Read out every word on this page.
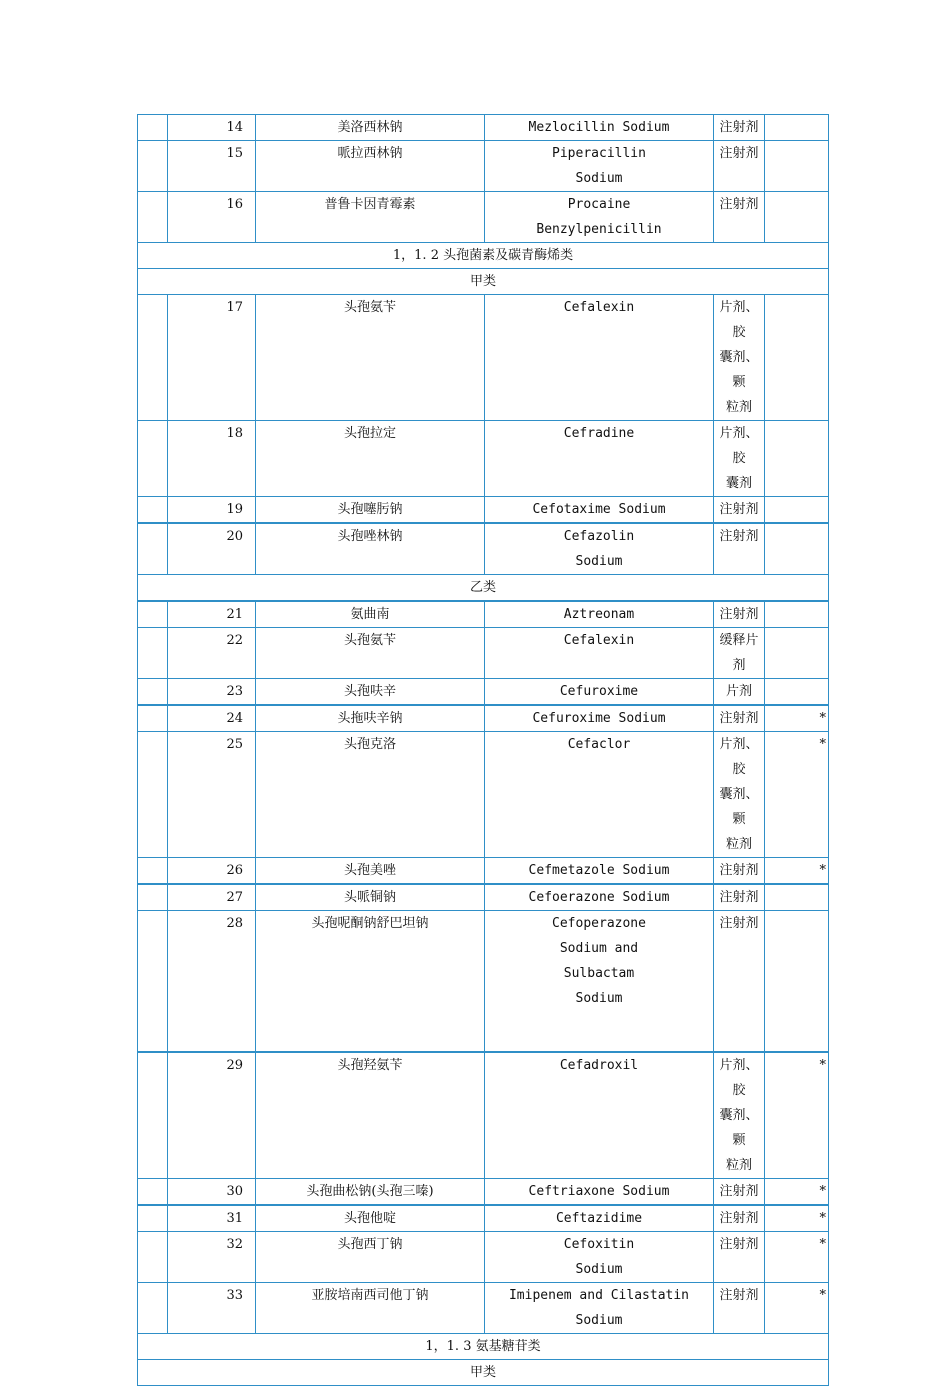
	14	美洛西林钠	Mezlocillin Sodium	注射剂	

	15	哌拉西林钠	Piperacillin
Sodium	注射剂	

	16	普鲁卡因青霉素	Procaine
Benzylpenicillin	注射剂	

1，1. 2 头孢菌素及碳青酶烯类					
甲类					
	17	头孢氨苄	Cefalexin	片剂、胶
囊剂、颗
粒剂	

	18	头孢拉定	Cefradine	片剂、胶
囊剂	

	19	头孢噻肟钠	Cefotaxime Sodium	注射剂	

	20	头孢唑林钠	Cefazolin
Sodium	注射剂	

乙类					
	21	氨曲南	Aztreonam	注射剂	

	22	头孢氨苄	Cefalexin	缓释片
剂	

	23	头孢呋辛	Cefuroxime	片剂	

	24	头拖呋辛钠	Cefuroxime Sodium	注射剂	*
	25	头孢克洛	Cefaclor	片剂、胶
囊剂、颗
粒剂	*
	26	头孢美唑	Cefmetazole Sodium	注射剂	*
	27	头哌铜钠	Cefoerazone Sodium	注射剂	

	28	头孢呢酮钠舒巴坦钠	Cefoperazone
Sodium and
Sulbactam
Sodium	注射剂	

	29	头孢羟氨苄	Cefadroxil	片剂、胶
囊剂、颗
粒剂	*
	30	头孢曲松钠(头孢三嗪)	Ceftriaxone Sodium	注射剂	*
	31	头孢他啶	Ceftazidime	注射剂	*
	32	头孢西丁钠	Cefoxitin
Sodium	注射剂	*
	33	亚胺培南西司他丁钠	Imipenem and Cilastatin
Sodium	注射剂	*
1，1. 3 氨基糖苷类					
甲类					
